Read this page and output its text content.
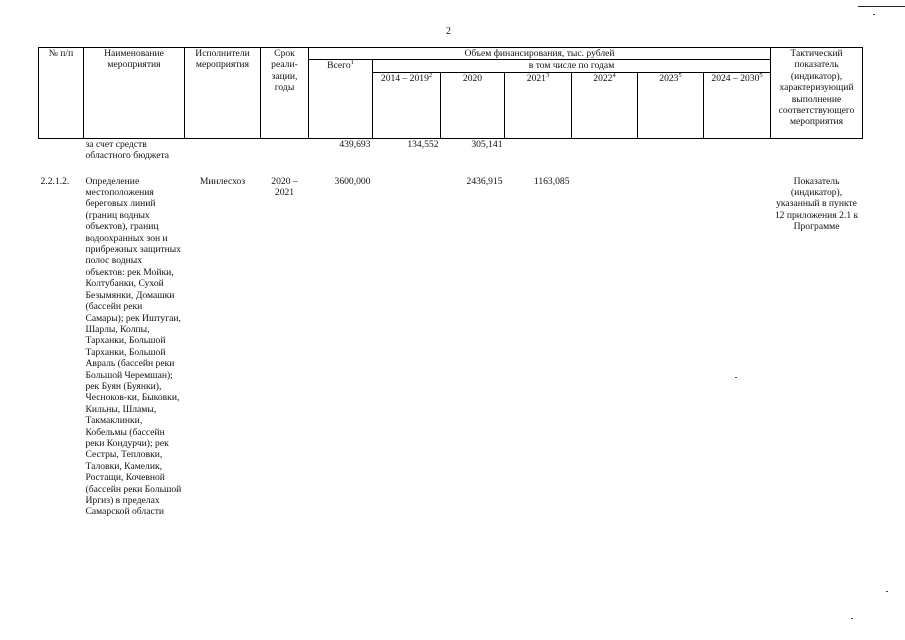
2
№ п/п	Наименование мероприятия	Исполнители мероприятия	Срок реали-зации, годы	Объем финансирования, тыс. рублей							Тактический показатель (индикатор), характеризующий выполнение соответствующего мероприятия
				Всего$^1$	в том числе по годам						
					2014 – 2019$^2$	2020	2021$^3$	2022$^4$	2023$^5$	2024 – 2030$^5$
	за счет средств областного бюджета			439,693	134,552	305,141					

2.2.1.2.	Определение местоположения береговых линий (границ водных объектов), границ водоохранных зон и прибрежных защитных полос водных объектов: рек Мойки, Колтубанки, Сухой Безымянки, Домашки (бассейн реки Самары); рек Иштугаи, Шарлы, Колпы, Тарханки, Большой Тарханки, Большой Авраль (бассейн реки Большой Черемшан); рек Буян (Буянки), Чесноков-ки, Быковки, Кильны, Шламы, Такмаклинки, Кобельмы (бассейн реки Кондурчи); рек Сестры, Тепловки, Таловки, Камелик, Ростащи, Кочевной (бассейн реки Большой Иргиз) в пределах Самарской области	Минлесхоз	2020 – 2021	3600,000		2436,915	1163,085				Показатель (индикатор), указанный в пункте 12 приложения 2.1 к Программе
